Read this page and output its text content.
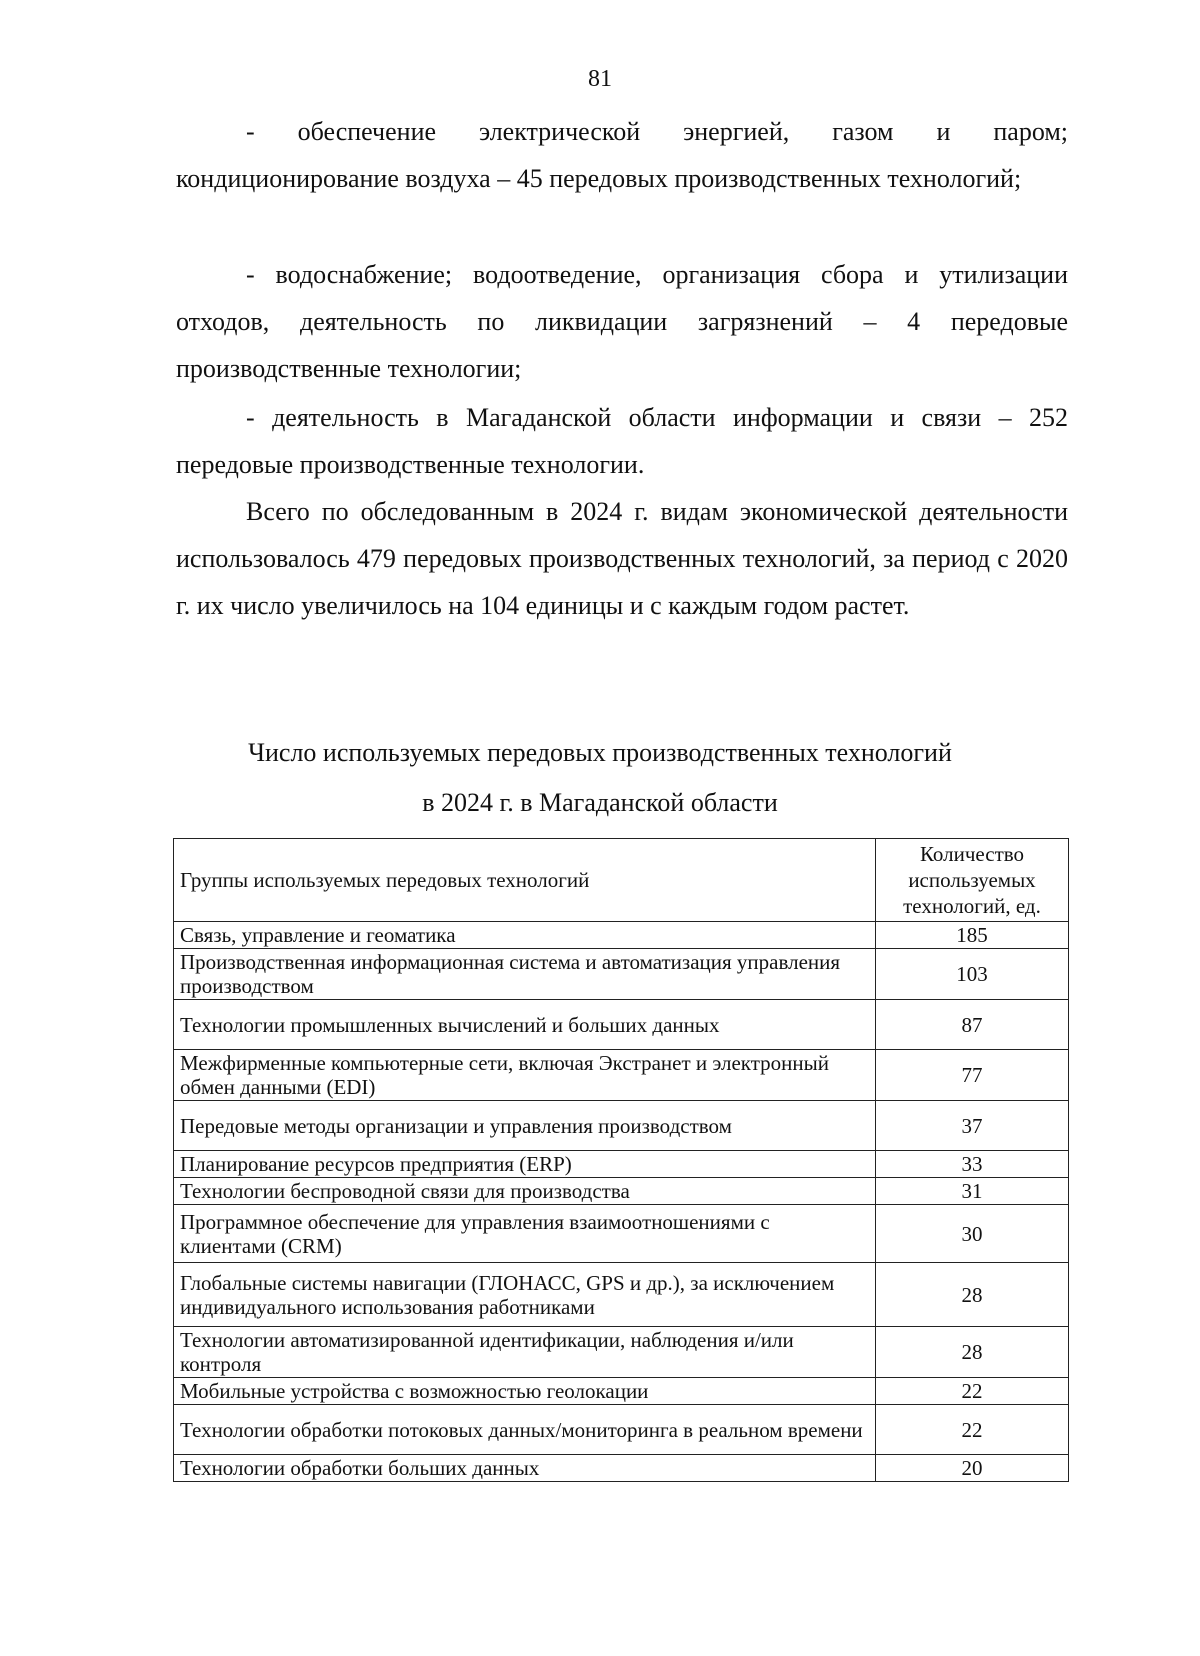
81

- обеспечение электрической энергией, газом и паром; кондиционирование воздуха – 45 передовых производственных технологий;

- водоснабжение; водоотведение, организация сбора и утилизации отходов, деятельность по ликвидации загрязнений – 4 передовые производственные технологии;

- деятельность в Магаданской области информации и связи – 252 передовые производственные технологии.

Всего по обследованным в 2024 г. видам экономической деятельности использовалось 479 передовых производственных технологий, за период с 2020 г. их число увеличилось на 104 единицы и с каждым годом растет.

Число используемых передовых производственных технологий
в 2024 г. в Магаданской области
Группы используемых передовых технологий	Количество используемых технологий, ед.
Связь, управление и геоматика	185
Производственная информационная система и автоматизация управления производством	103
Технологии промышленных вычислений и больших данных	87
Межфирменные компьютерные сети, включая Экстранет и электронный обмен данными (EDI)	77
Передовые методы организации и управления производством	37
Планирование ресурсов предприятия (ERP)	33
Технологии беспроводной связи для производства	31
Программное обеспечение для управления взаимоотношениями с клиентами (CRM)	30
Глобальные системы навигации (ГЛОНАСС, GPS и др.), за исключением индивидуального использования работниками	28
Технологии автоматизированной идентификации, наблюдения и/или контроля	28
Мобильные устройства с возможностью геолокации	22
Технологии обработки потоковых данных/мониторинга в реальном времени	22
Технологии обработки больших данных	20
